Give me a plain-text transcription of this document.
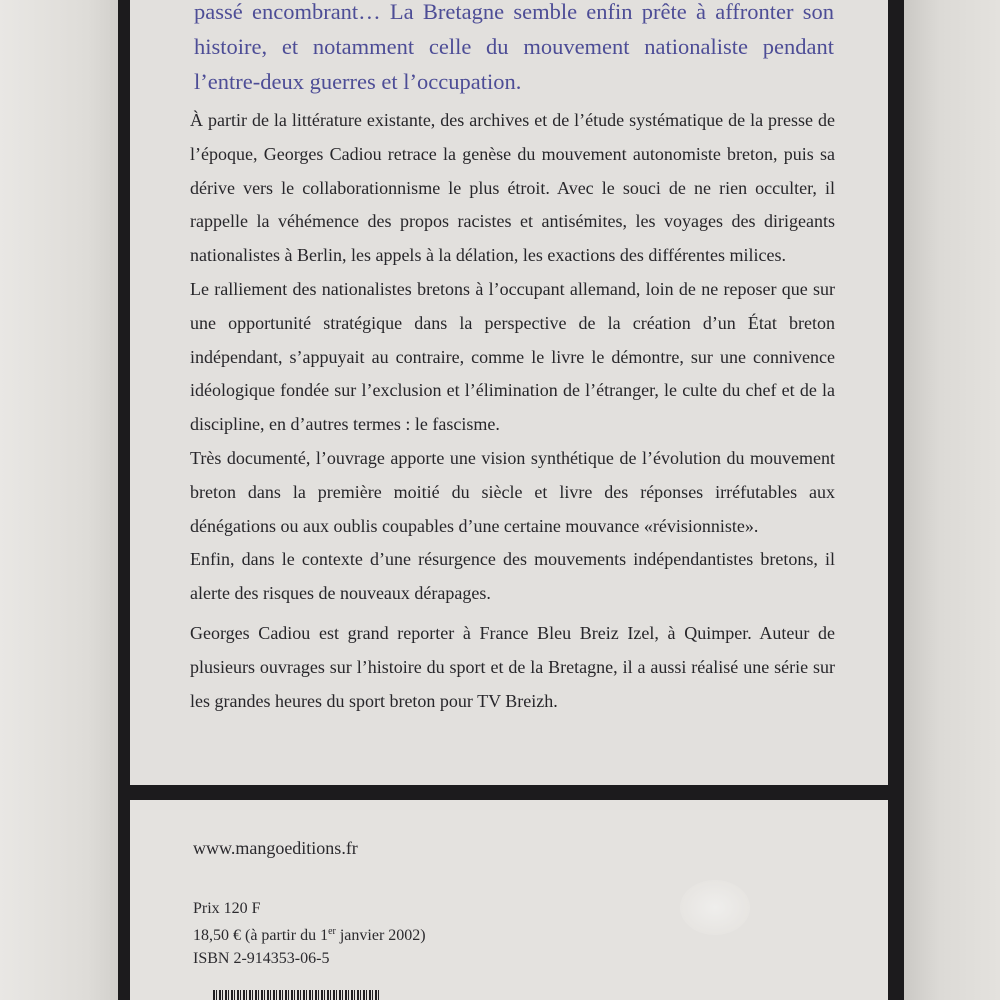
passé encombrant… La Bretagne semble enfin prête à affronter son histoire, et notamment celle du mouvement nationaliste pendant l’entre-deux guerres et l’occupation.

À partir de la littérature existante, des archives et de l’étude systématique de la presse de l’époque, Georges Cadiou retrace la genèse du mouvement autonomiste breton, puis sa dérive vers le collaborationnisme le plus étroit. Avec le souci de ne rien occulter, il rappelle la véhémence des propos racistes et antisémites, les voyages des dirigeants nationalistes à Berlin, les appels à la délation, les exactions des différentes milices.

Le ralliement des nationalistes bretons à l’occupant allemand, loin de ne reposer que sur une opportunité stratégique dans la perspective de la création d’un État breton indépendant, s’appuyait au contraire, comme le livre le démontre, sur une connivence idéologique fondée sur l’exclusion et l’élimination de l’étranger, le culte du chef et de la discipline, en d’autres termes : le fascisme.

Très documenté, l’ouvrage apporte une vision synthétique de l’évolution du mouvement breton dans la première moitié du siècle et livre des réponses irréfutables aux dénégations ou aux oublis coupables d’une certaine mouvance «révisionniste».

Enfin, dans le contexte d’une résurgence des mouvements indépendantistes bretons, il alerte des risques de nouveaux dérapages.

Georges Cadiou est grand reporter à France Bleu Breiz Izel, à Quimper. Auteur de plusieurs ouvrages sur l’histoire du sport et de la Bretagne, il a aussi réalisé une série sur les grandes heures du sport breton pour TV Breizh.

www.mangoeditions.fr
Prix 120 F
18,50 € (à partir du 1er janvier 2002)
ISBN 2-914353-06-5
